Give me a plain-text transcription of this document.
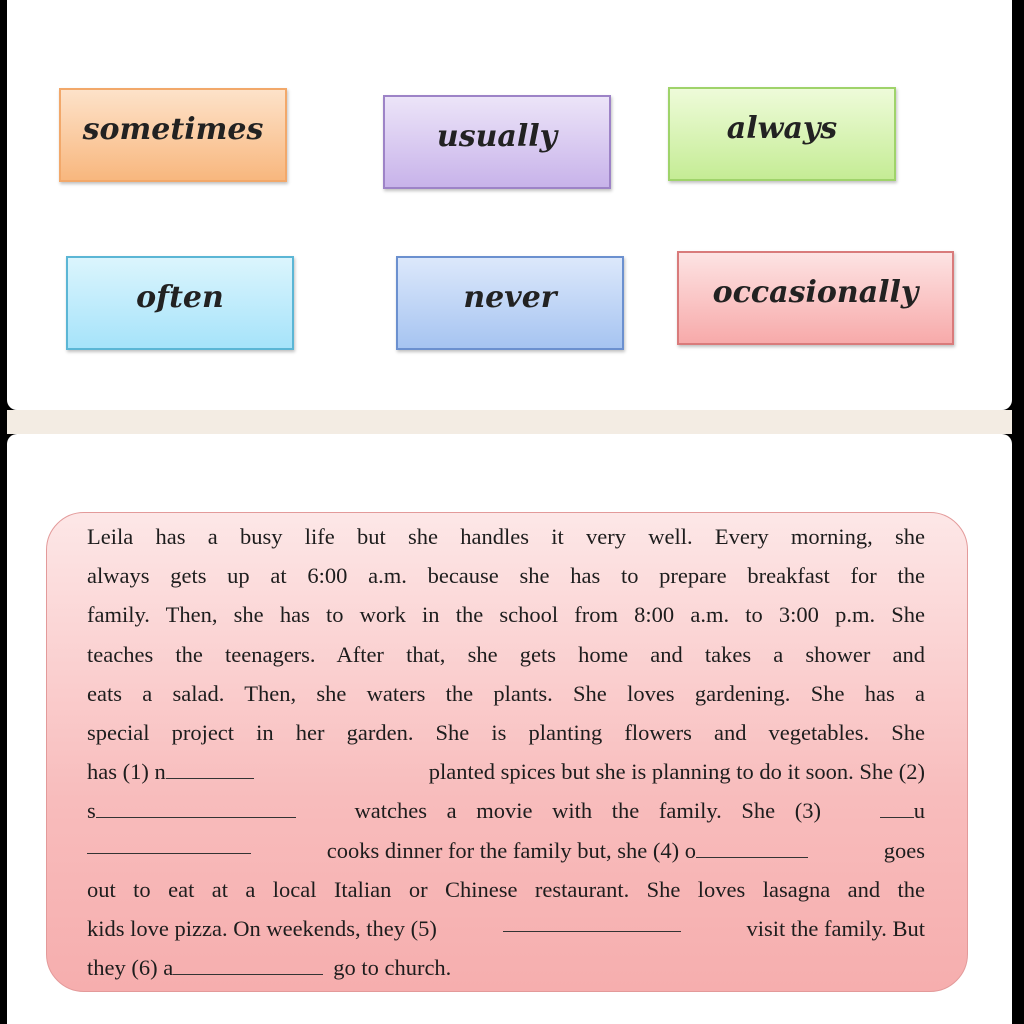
sometimes	usually	always
often	never	occasionally
Leila has a busy life but she handles it very well. Every morning, she
always gets up at 6:00 a.m. because she has to prepare breakfast for the
family. Then, she has to work in the school from 8:00 a.m. to 3:00 p.m. She
teaches the teenagers. After that, she gets home and takes a shower and
eats a salad. Then, she waters the plants. She loves gardening. She has a
special project in her garden. She is planting flowers and vegetables. She
has (1) n	planted spices but she is planning to do it soon. She (2)
s	watches a movie with the family. She (3)	u
cooks dinner for the family but, she (4) o	goes
out to eat at a local Italian or Chinese restaurant. She loves lasagna and the
kids love pizza. On weekends, they (5)	visit the family. But
they (6) a	go to church.
